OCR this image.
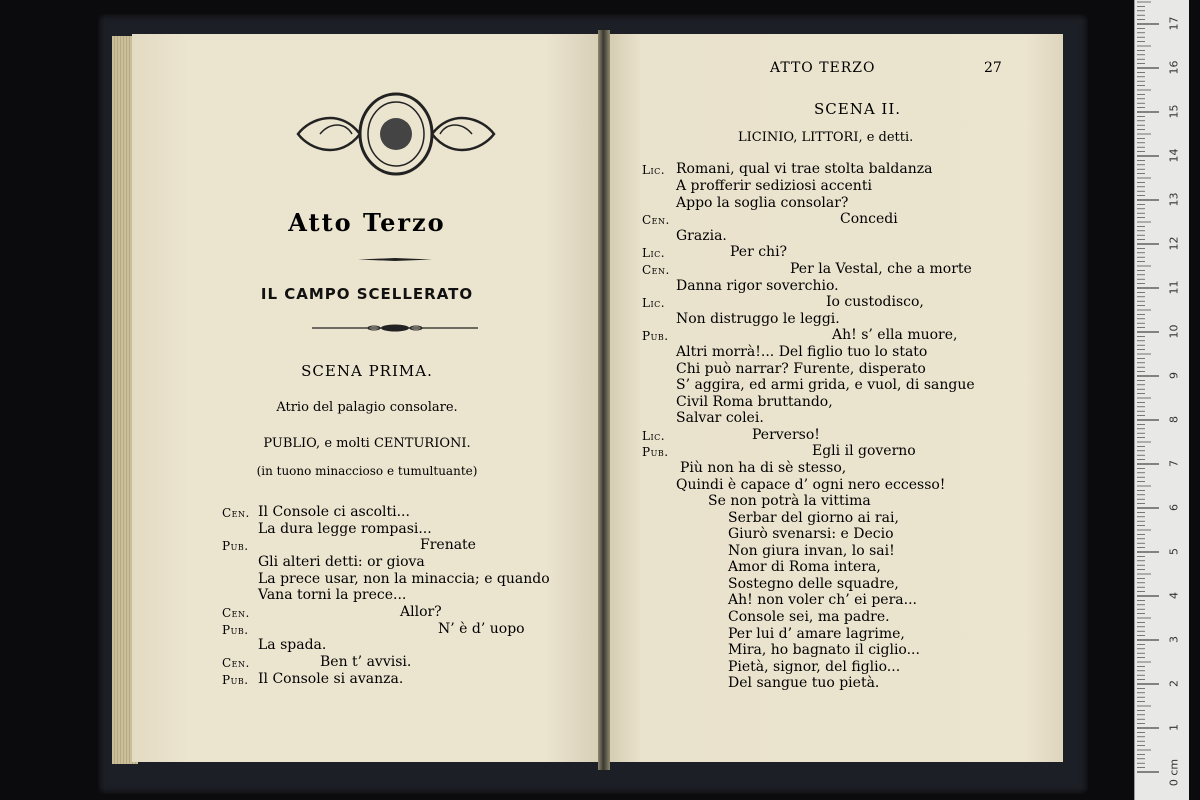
Atto Terzo
IL CAMPO SCELLERATO
SCENA PRIMA.
Atrio del palagio consolare.
PUBLIO, e molti CENTURIONI.
(in tuono minaccioso e tumultuante)
Cen. Il Console ci ascolti...
La dura legge rompasi...
Pub.	Frenate
Gli alteri detti: or giova
La prece usar, non la minaccia; e quando
Vana torni la prece...
Cen.	Allor?
Pub.	N’ è d’ uopo
La spada.
Cen.	Ben t’ avvisi.
Pub. Il Console si avanza.
ATTO TERZO	27
SCENA II.
LICINIO, LITTORI, e detti.
Lic. Romani, qual vi trae stolta baldanza
A profferir sediziosi accenti
Appo la soglia consolar?
Cen.	Concedi
Grazia.
Lic.	Per chi?
Cen.	Per la Vestal, che a morte
Danna rigor soverchio.
Lic.	Io custodisco,
Non distruggo le leggi.
Pub.	Ah! s’ ella muore,
Altri morrà!... Del figlio tuo lo stato
Chi può narrar? Furente, disperato
S’ aggira, ed armi grida, e vuol, di sangue
Civil Roma bruttando,
Salvar colei.
Lic.	Perverso!
Pub.	Egli il governo
Più non ha di sè stesso,
Quindi è capace d’ ogni nero eccesso!
Se non potrà la vittima
Serbar del giorno ai rai,
Giurò svenarsi: e Decio
Non giura invan, lo sai!
Amor di Roma intera,
Sostegno delle squadre,
Ah! non voler ch’ ei pera...
Console sei, ma padre.
Per lui d’ amare lagrime,
Mira, ho bagnato il ciglio...
Pietà, signor, del figlio...
Del sangue tuo pietà.
0 cm
1
2
3
4
5
6
7
8
9
10
11
12
13
14
15
16
17
